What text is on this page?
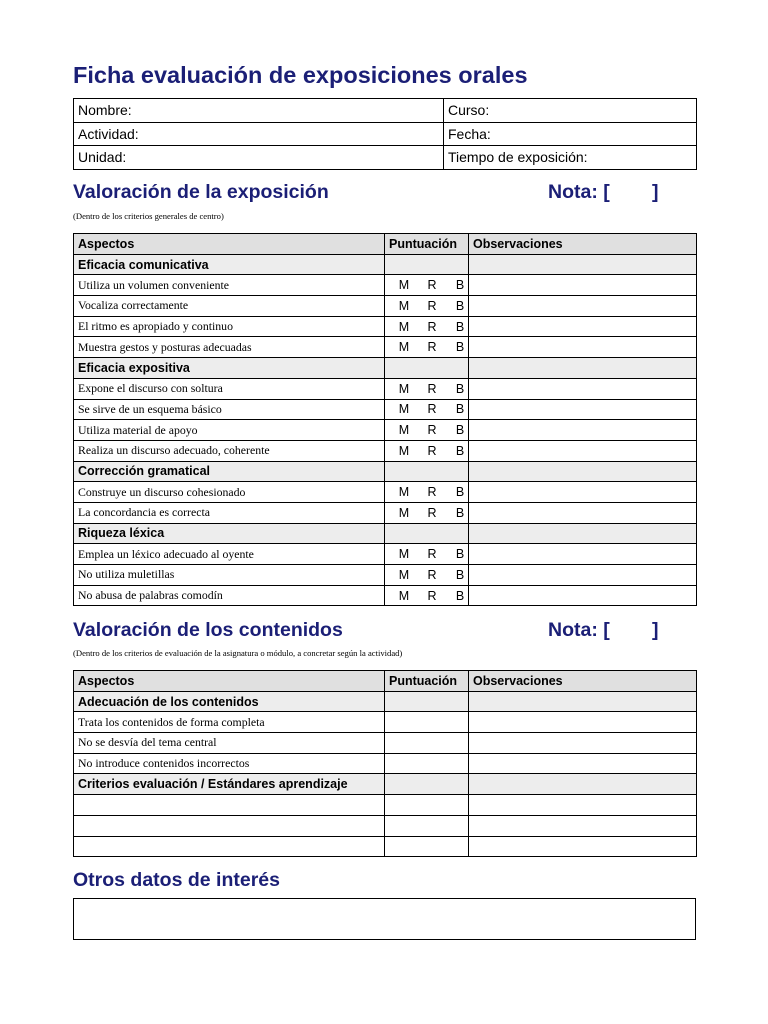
Ficha evaluación de exposiciones orales
Nombre:	Curso:
Actividad:	Fecha:
Unidad:	Tiempo de exposición:
Valoración de la exposición	Nota: [ ]
(Dentro de los criterios generales de centro)
Aspectos	Puntuación	Observaciones
Eficacia comunicativa		
Utiliza un volumen conveniente	M R B	
Vocaliza correctamente	M R B	
El ritmo es apropiado y continuo	M R B	
Muestra gestos y posturas adecuadas	M R B	
Eficacia expositiva		
Expone el discurso con soltura	M R B	
Se sirve de un esquema básico	M R B	
Utiliza material de apoyo	M R B	
Realiza un discurso adecuado, coherente	M R B	
Corrección gramatical		
Construye un discurso cohesionado	M R B	
La concordancia es correcta	M R B	
Riqueza léxica		
Emplea un léxico adecuado al oyente	M R B	
No utiliza muletillas	M R B	
No abusa de palabras comodín	M R B	
Valoración de los contenidos	Nota: [ ]
(Dentro de los criterios de evaluación de la asignatura o módulo, a concretar según la actividad)
Aspectos	Puntuación	Observaciones
Adecuación de los contenidos		
Trata los contenidos de forma completa		
No se desvía del tema central		
No introduce contenidos incorrectos		
Criterios evaluación / Estándares aprendizaje		

Otros datos de interés
